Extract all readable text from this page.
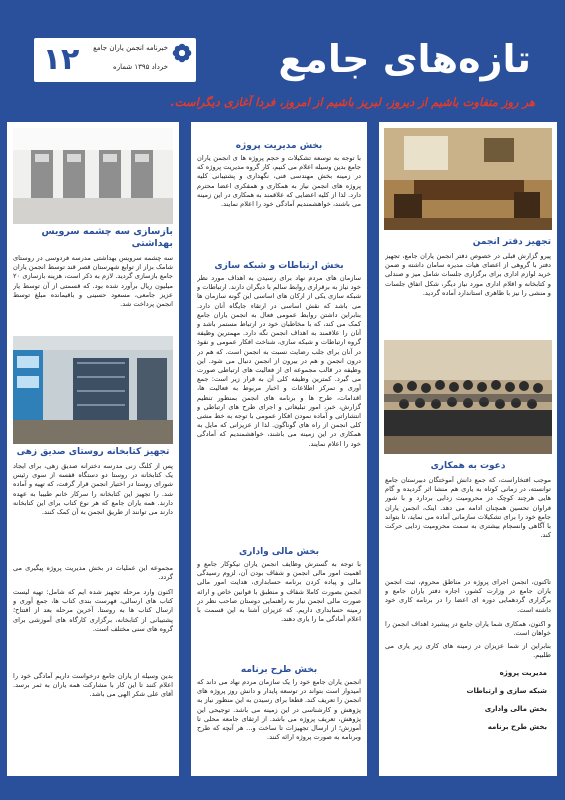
۱۲	خبرنامه انجمن یاران جامع
خرداد ۱۳۹۵ شماره	تازه‌های جامع
هر روز متفاوت باشیم از دیروز، لبریز باشیم از امروز، فردا آغازی دیگراست.
تجهیز دفتر انجمن
پیرو گزارش قبلی در خصوص دفتر انجمن یاران جامع، تجهیز دفتر با گروهی از اعضای هیات مدیره سامان داشته و ضمن خرید لوازم اداری برای برگزاری جلسات شامل میز و صندلی و کتابخانه و اقلام اداری مورد نیاز دیگر، شکل اتفاق جلسات و منشی را نیز با ظاهری استاندارد آماده گردید.
دعوت به همکاری
موجب افتخاراست، که جمع دانش آموختگان دبیرستان جامع توانسته، در زمانی کوتاه به یاری هم منشا اثر گردیده و گام هایی هرچند کوچک در محرومیت زدایی بردارد و با شور فراوان تحسین همچنان ادامه می دهد. اینک، انجمن یاران جامع خود را برای تشکیلات سازمانی آماده می نماید، تا بتواند با آگاهی وانسجام بیشتری به سمت محرومیت زدایی حرکت کند.
تاکنون، انجمن اجرای پروژه در مناطق محروم، ثبت انجمن یاران جامع در وزارت کشور، اجاره دفتر یاران جامع و برگزاری گردهمایی دوره ای اعضا را در برنامه کاری خود داشته است.
و اکنون، همکاری شما یاران جامع در پیشبرد اهداف انجمن را خواهان است.
بنابراین از شما عزیزان در زمینه های کاری زیر یاری می طلبیم.
مدیریت پروژه
شبکه سازی و ارتباطات
بخش مالی واداری
بخش طرح برنامه
بخش مدیریت پروژه
با توجه به توسعه تشکیلات و حجم پروژه ها ی انجمن یاران جامع بدین وسیله اعلام می کنیم، کار گروه مدیریت پروژه که در زمینه بخش مهندسی فنی، نگهداری و پشتیبانی کلیه پروژه های انجمن نیاز به همکاری و همفکری اعضا محترم دارد. لذا از کلیه اعضایی که علاقمند به همکاری در این زمینه می باشند، خواهشمندیم آمادگی خود را اعلام نمایند.
بخش ارتباطات و شبکه سازی
سازمان های مردم نهاد برای رسیدن به اهداف مورد نظر خود نیاز به برقراری روابط سالم با دیگران دارند. ارتباطات و شبکه سازی یکی از ارکان های اساسی این گونه سازمان ها می باشد که نقش اساسی در ارتقاء جایگاه آنان دارد. بنابراین داشتن روابط عمومی فعال به انجمن یاران جامع کمک می کند، که با مخاطبان خود در ارتباط مستمر باشد و آنان را علاقمند به اهداف انجمن نگه دارد. مهمترین وظیفه گروه ارتباطات و شبکه سازی، شناخت افکار عمومی و نفوذ در آنان برای جلب رضایت نسبت به انجمن است. که هم در درون انجمن و هم در بیرون از انجمن دنبال می شود. این وظیفه در قالب مجموعه ای از فعالیت های ارتباطی صورت می گیرد. کمترین وظیفه کلی آن به قرار زیر است: جمع آوری و تمرکز اطلاعات و اخبار مربوط به فعالیت ها، اقدامات، طرح ها و برنامه های انجمن بمنظور تنظیم گزارش، خبر، امور تبلیغاتی و اجرای طرح های ارتباطی و انتشاراتی و آماده نمودن افکار عمومی با توجه به خط مشی کلی انجمن از راه های گوناگون. لذا از عزیزانی که مایل به همکاری در این زمینه می باشند، خواهشمندیم که آمادگی خود را اعلام نمایند.
بخش مالی واداری
با توجه به گسترش وظایف انجمن یاران نیکوکار جامع و اهمیت امور مالی انجمن و شفاف بودن آن، لزوم رسیدگی مالی و پیاده کردن برنامه حسابداری، هدایت امور مالی انجمن بصورت کاملا شفاف و منطبق با قوانین خاص و ارائه صورت مالی انجمن نیاز به راهنمایی دوستان صاحب نظر در زمینه حسابداری داریم. که عزیزان آشنا به این قسمت با اعلام آمادگی ما را یاری دهند.
بخش طرح برنامه
انجمن یاران جامع خود را یک سازمان مردم نهاد می داند که امیدوار است بتواند در توسعه پایدار و دانش روز پروژه های انجمن را تعریف کند. قطعا برای رسیدن به این منظور نیاز به پژوهش و کارشناسی در این زمینه می باشد. توجیحی این پژوهش، تعریف پروژه می باشد. از ارتقای جامعه محلی تا آموزش؛ از ارسال تجهیزات تا ساخت و... هر آنچه که طرح وبرنامه به صورت پروژه ارائه کنند.
بازسازی سه چشمه سرویس بهداشتی
سه چشمه سرویس بهداشتی مدرسه فردوسی در روستای شامک بزاز از توابع شهرستان قصر قند توسط انجمن یاران جامع بازسازی گردید. لازم به ذکر است، هزینه بازسازی ۲۰ میلیون ریال برآورد شده بود. که قسمتی از آن توسط یار عزیز جامعی، مسعود حسینی و باقیمانده مبلغ توسط انجمن پرداخت شد.
تجهیز کتابخانه روستای صدیق زهی
پس از کلنگ زنی مدرسه دخترانه صدیق زهی، برای ایجاد یک کتابخانه در روستا دو دستگاه قفسه از سوی رئیس شورای روستا در اختیار انجمن قرار گرفت، که تهیه و آماده شد. را تجهیز این کتابخانه را سرکار خانم طبیبا به عهده دارند. همه یاران جامع که هر نوع کتاب برای این کتابخانه دارند می توانند از طریق انجمن به آن کمک کنند.
مجموعه این عملیات در بخش مدیریت پروژه پیگیری می گردد.
اکنون وارد مرحله تجهیز شده ایم که شامل: تهیه لیست کتاب های ارسالی، فهرست بندی کتاب ها، جمع آوری و ارسال کتاب ها به روستا. آخرین مرحله بعد از افتتاح؛ پشتیبانی از کتابخانه، برگزاری کارگاه های آموزشی برای گروه های سنی مختلف است.
بدین وسیله از یاران جامع درخواست داریم آمادگی خود را اعلام کنند تا این کار با مشارکت همه یاران به ثمر برسد. آقای علی شکر الهی می باشد.
